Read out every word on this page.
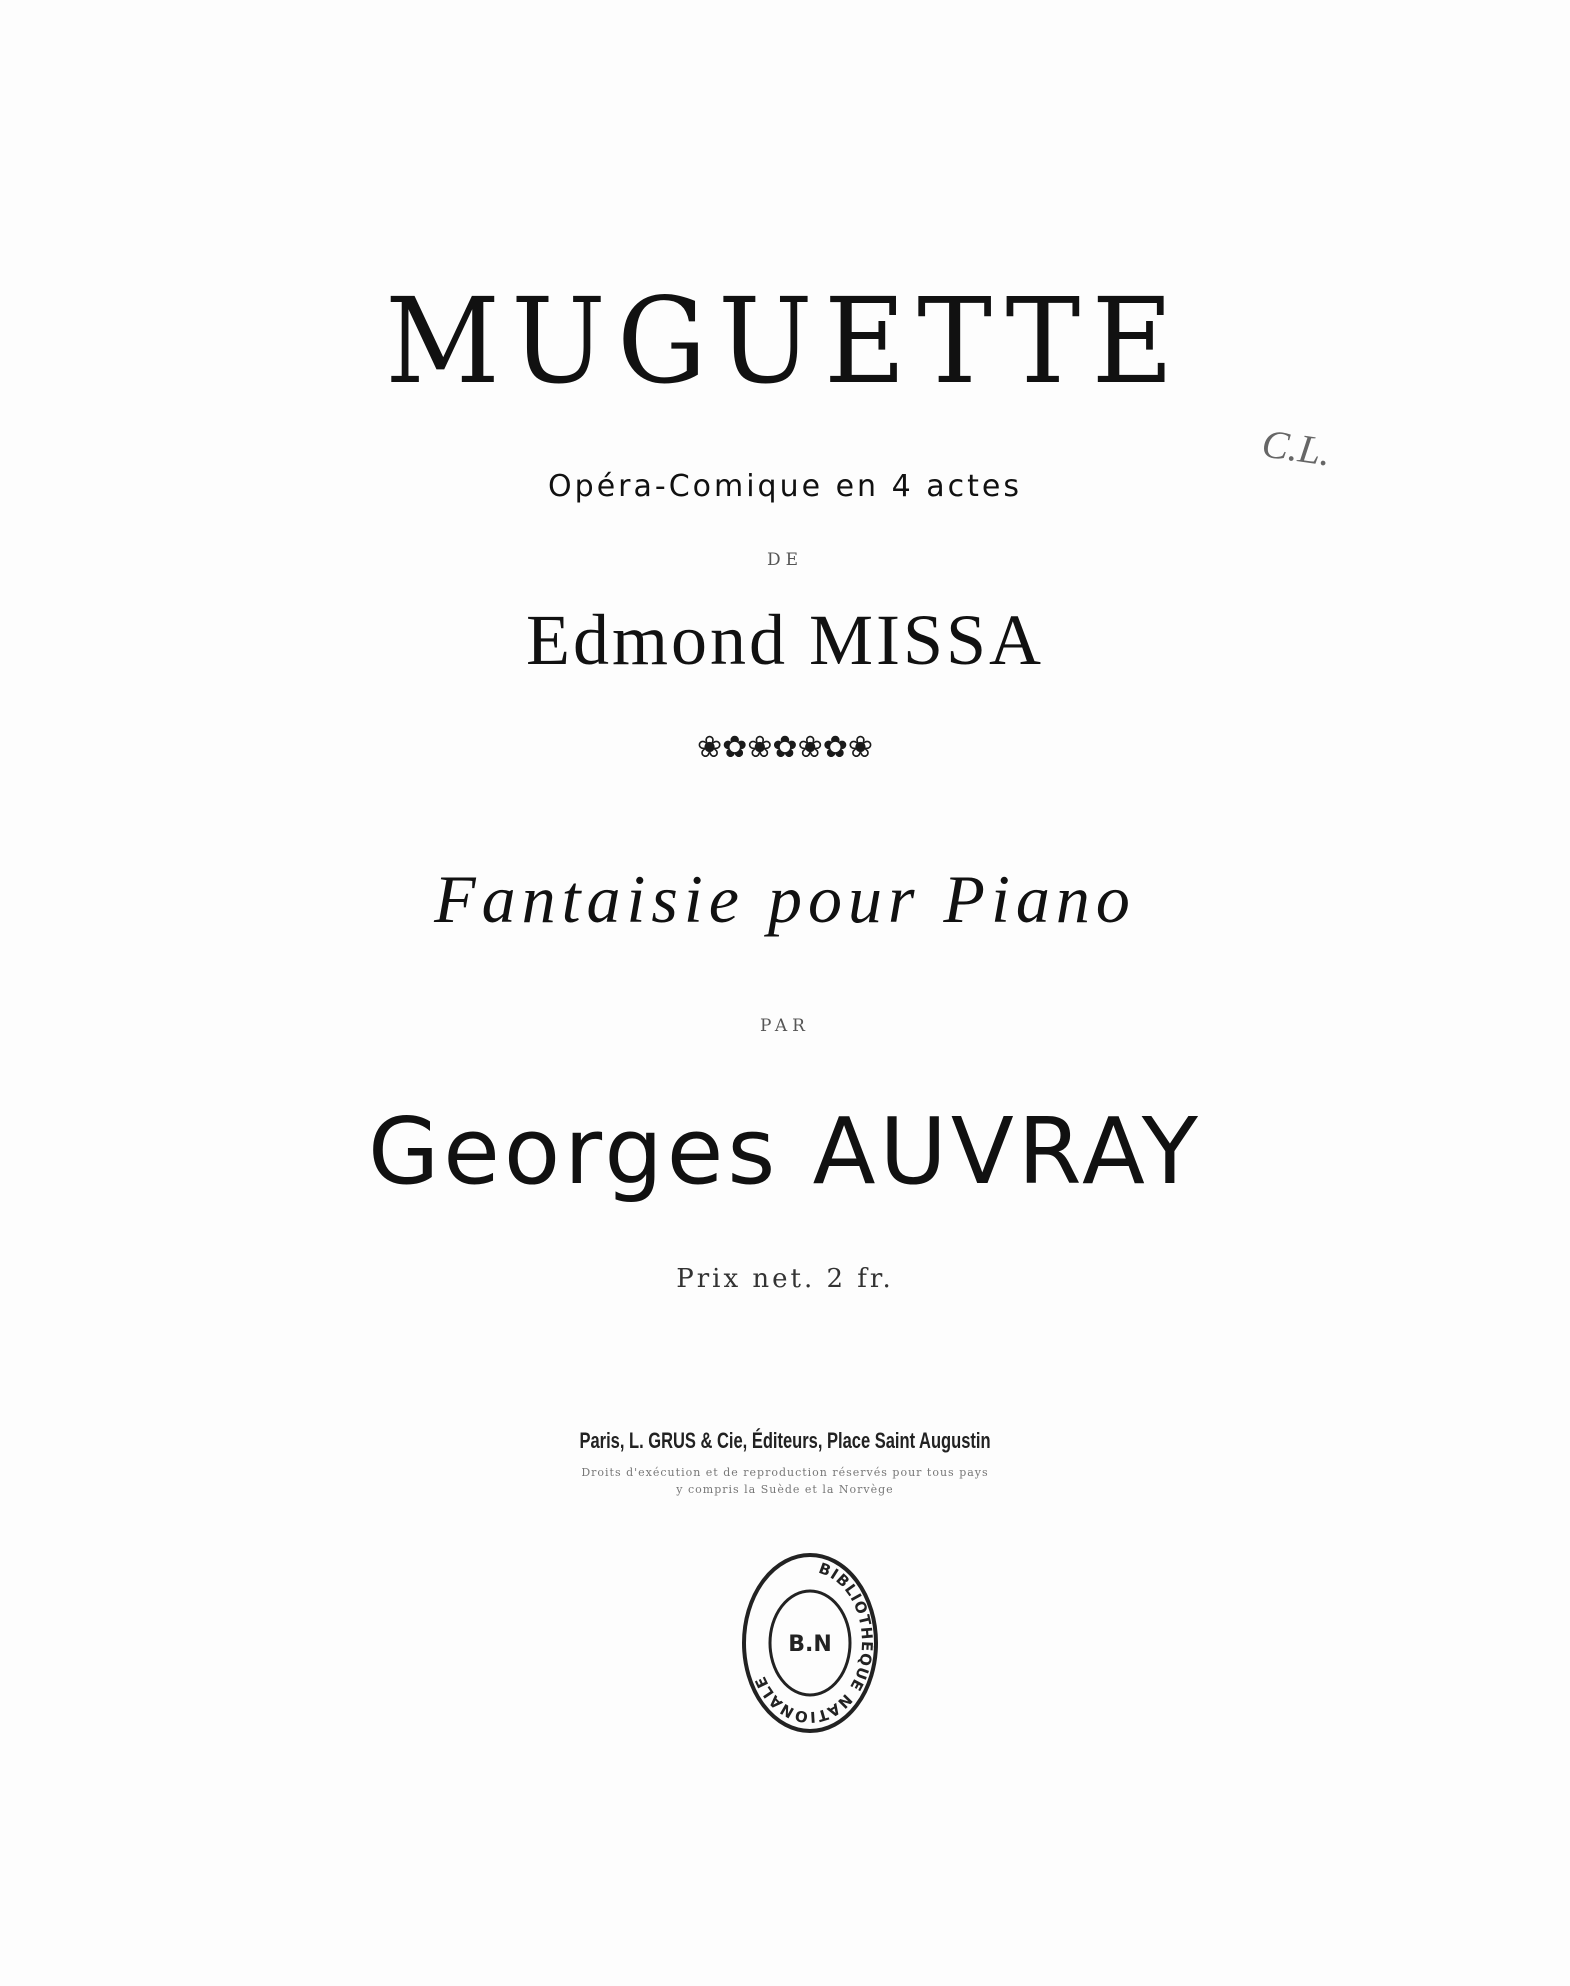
MUGUETTE
Opéra-Comique en 4 actes
DE
Edmond MISSA
❀✿❀✿❀✿❀
Fantaisie pour Piano
PAR
Georges AUVRAY
Prix net. 2 fr.
Paris, L. GRUS & Cie, Éditeurs, Place Saint Augustin
Droits d'exécution et de reproduction réservés pour tous pays
y compris la Suède et la Norvège
C.L.
BIBLIOTHÈQUE NATIONALE
B.N
